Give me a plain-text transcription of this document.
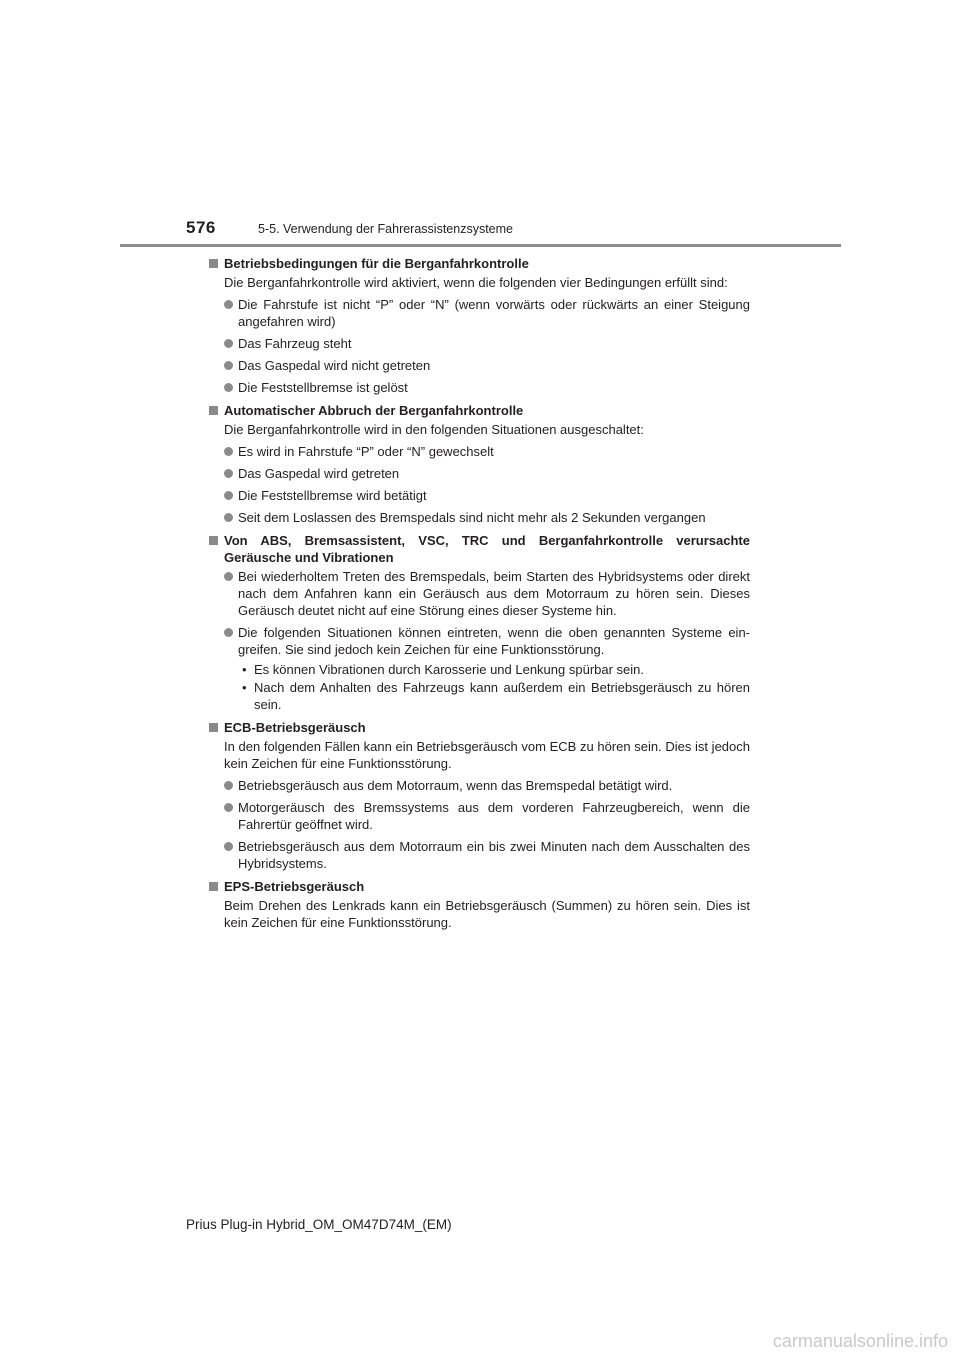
576	5-5. Verwendung der Fahrerassistenzsysteme
Betriebsbedingungen für die Berganfahrkontrolle
Die Berganfahrkontrolle wird aktiviert, wenn die folgenden vier Bedingungen erfüllt sind:
Die Fahrstufe ist nicht “P” oder “N” (wenn vorwärts oder rückwärts an einer Steigung angefahren wird)
Das Fahrzeug steht
Das Gaspedal wird nicht getreten
Die Feststellbremse ist gelöst
Automatischer Abbruch der Berganfahrkontrolle
Die Berganfahrkontrolle wird in den folgenden Situationen ausgeschaltet:
Es wird in Fahrstufe “P” oder “N” gewechselt
Das Gaspedal wird getreten
Die Feststellbremse wird betätigt
Seit dem Loslassen des Bremspedals sind nicht mehr als 2 Sekunden vergangen
Von ABS, Bremsassistent, VSC, TRC und Berganfahrkontrolle verursachte Geräusche und Vibrationen
Bei wiederholtem Treten des Bremspedals, beim Starten des Hybridsystems oder direkt nach dem Anfahren kann ein Geräusch aus dem Motorraum zu hören sein. Dieses Geräusch deutet nicht auf eine Störung eines dieser Systeme hin.
Die folgenden Situationen können eintreten, wenn die oben genannten Systeme ein-greifen. Sie sind jedoch kein Zeichen für eine Funktionsstörung.
• Es können Vibrationen durch Karosserie und Lenkung spürbar sein.
• Nach dem Anhalten des Fahrzeugs kann außerdem ein Betriebsgeräusch zu hören sein.
ECB-Betriebsgeräusch
In den folgenden Fällen kann ein Betriebsgeräusch vom ECB zu hören sein. Dies ist jedoch kein Zeichen für eine Funktionsstörung.
Betriebsgeräusch aus dem Motorraum, wenn das Bremspedal betätigt wird.
Motorgeräusch des Bremssystems aus dem vorderen Fahrzeugbereich, wenn die Fahrertür geöffnet wird.
Betriebsgeräusch aus dem Motorraum ein bis zwei Minuten nach dem Ausschalten des Hybridsystems.
EPS-Betriebsgeräusch
Beim Drehen des Lenkrads kann ein Betriebsgeräusch (Summen) zu hören sein. Dies ist kein Zeichen für eine Funktionsstörung.
Prius Plug-in Hybrid_OM_OM47D74M_(EM)
carmanualsonline.info
